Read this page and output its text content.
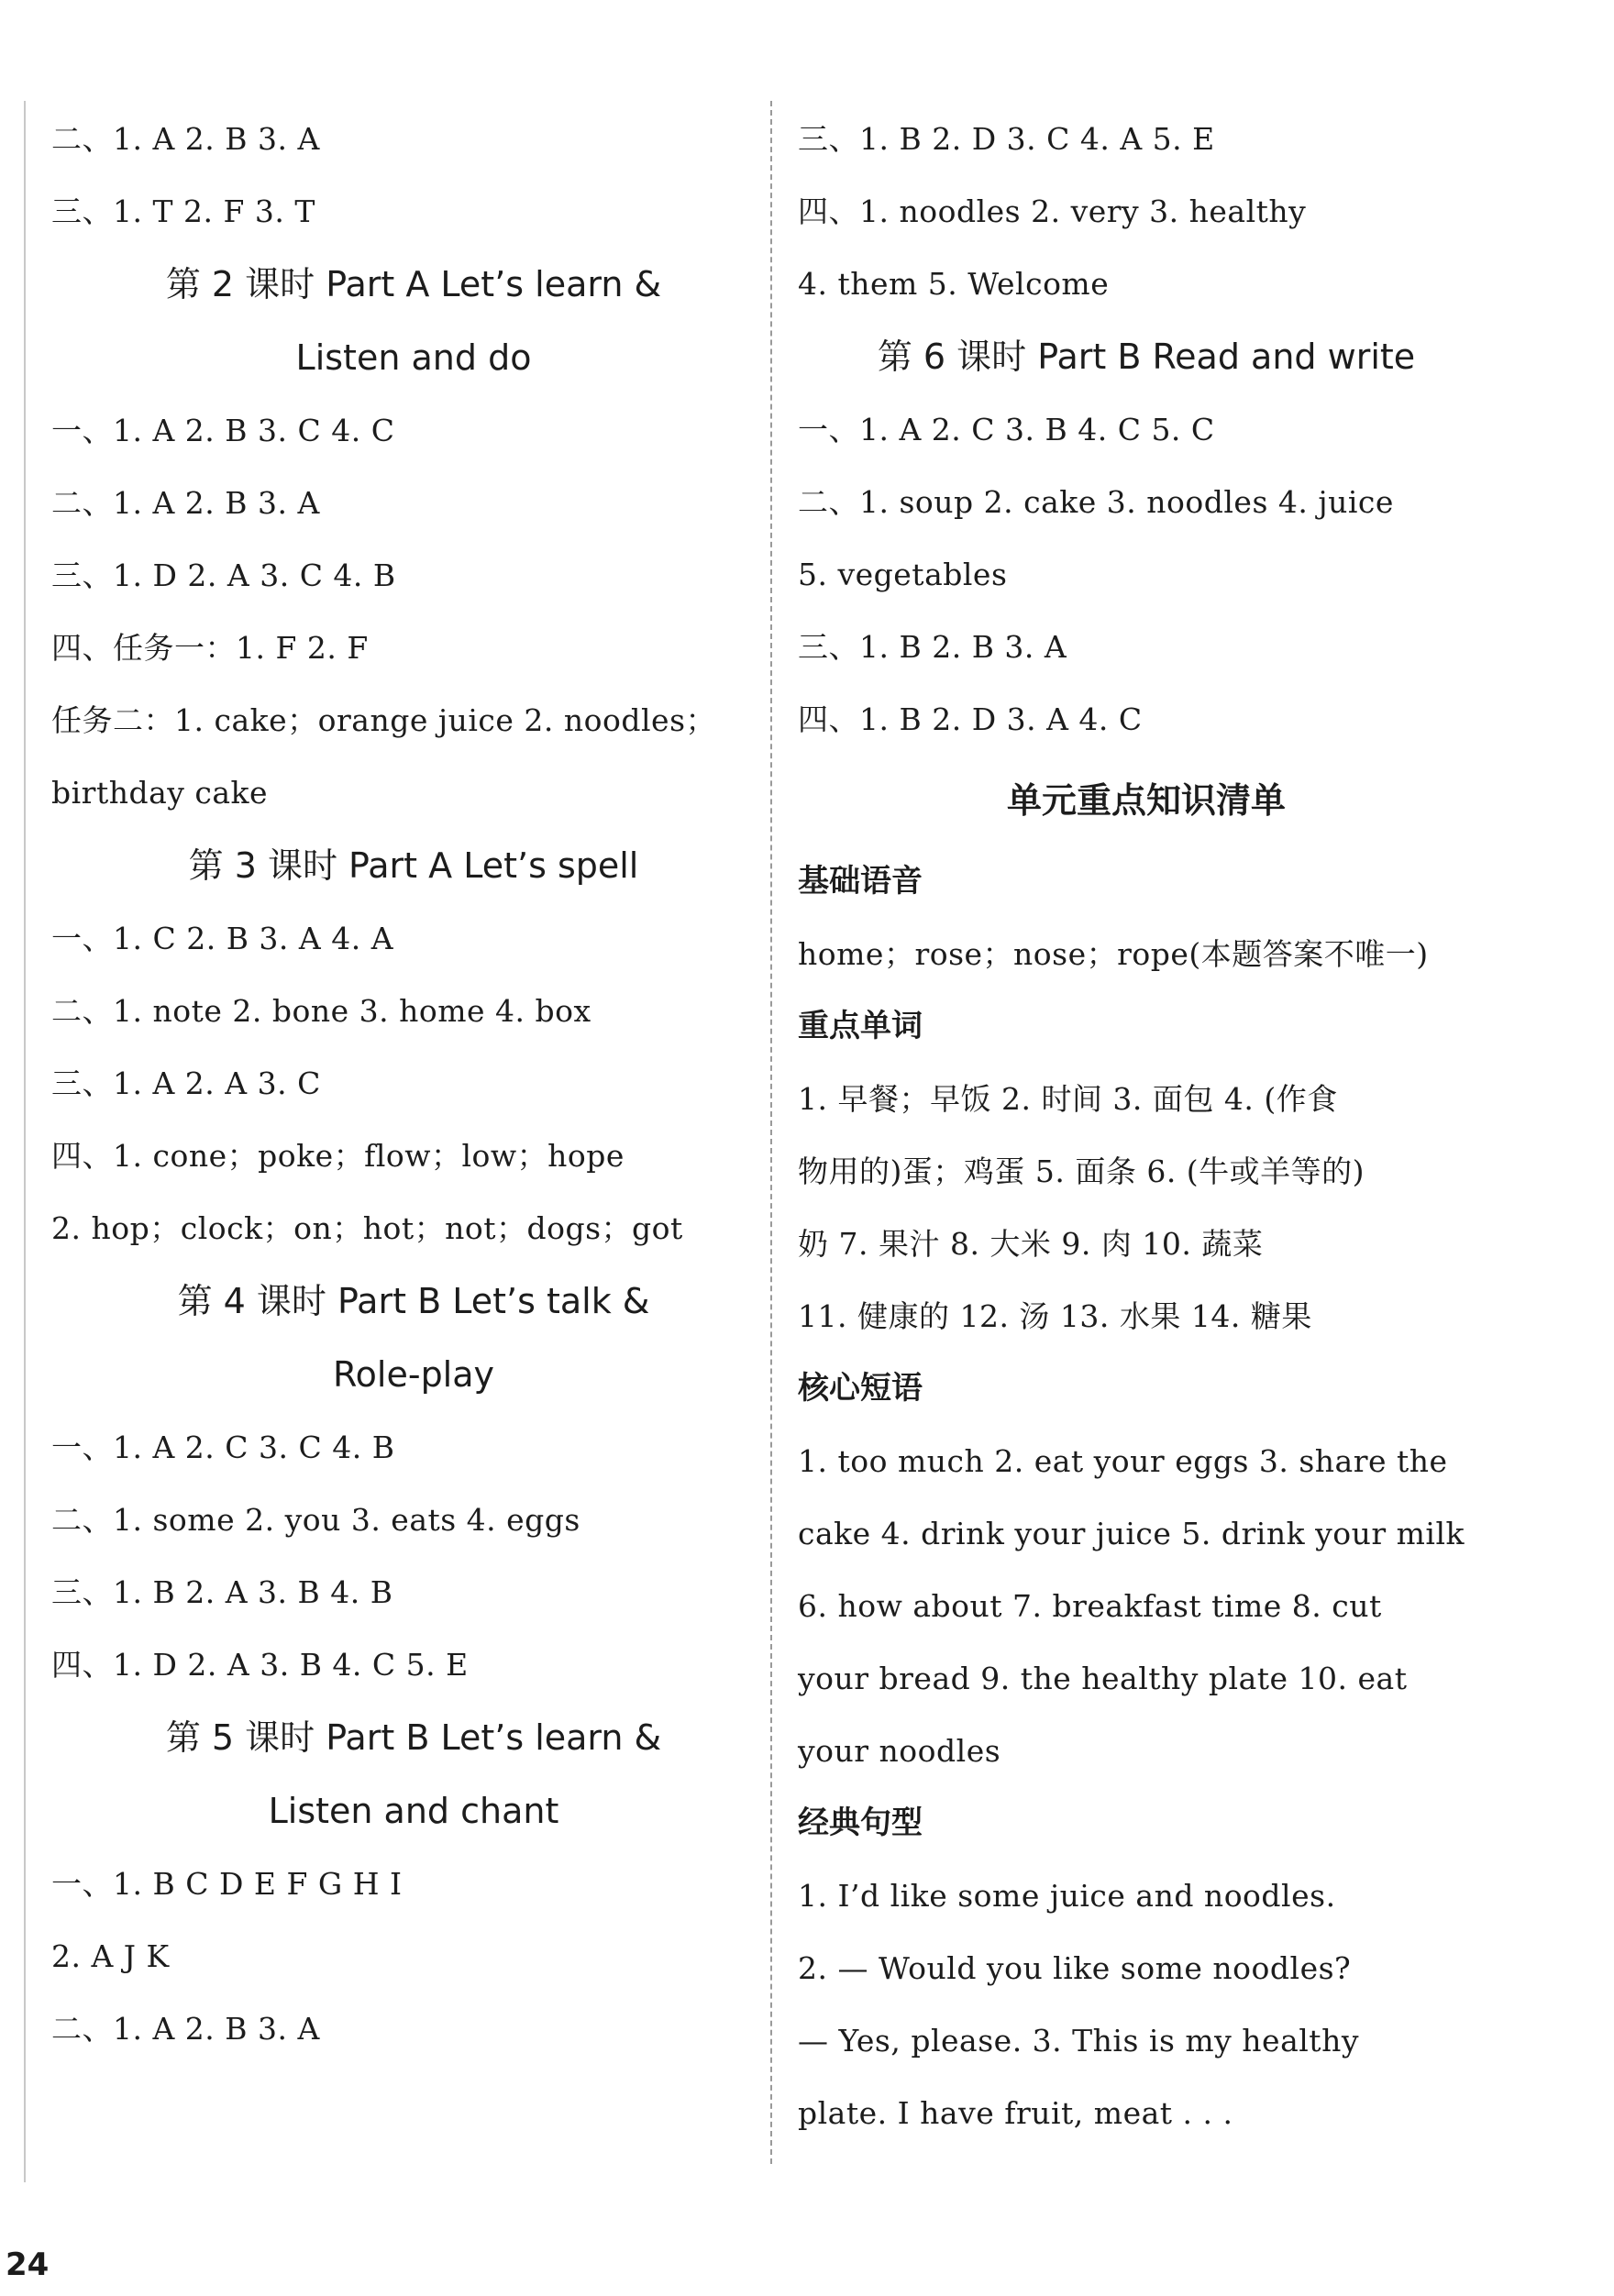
二、1. A 2. B 3. A
三、1. T 2. F 3. T
第 2 课时 Part A Let’s learn &
Listen and do
一、1. A 2. B 3. C 4. C
二、1. A 2. B 3. A
三、1. D 2. A 3. C 4. B
四、任务一：1. F 2. F
任务二：1. cake；orange juice 2. noodles；
birthday cake
第 3 课时 Part A Let’s spell
一、1. C 2. B 3. A 4. A
二、1. note 2. bone 3. home 4. box
三、1. A 2. A 3. C
四、1. cone；poke；flow；low；hope
2. hop；clock；on；hot；not；dogs；got
第 4 课时 Part B Let’s talk &
Role-play
一、1. A 2. C 3. C 4. B
二、1. some 2. you 3. eats 4. eggs
三、1. B 2. A 3. B 4. B
四、1. D 2. A 3. B 4. C 5. E
第 5 课时 Part B Let’s learn &
Listen and chant
一、1. B C D E F G H I
2. A J K
二、1. A 2. B 3. A
三、1. B 2. D 3. C 4. A 5. E
四、1. noodles 2. very 3. healthy
4. them 5. Welcome
第 6 课时 Part B Read and write
一、1. A 2. C 3. B 4. C 5. C
二、1. soup 2. cake 3. noodles 4. juice
5. vegetables
三、1. B 2. B 3. A
四、1. B 2. D 3. A 4. C
单元重点知识清单
基础语音
home；rose；nose；rope(本题答案不唯一)
重点单词
1. 早餐；早饭 2. 时间 3. 面包 4. (作食
物用的)蛋；鸡蛋 5. 面条 6. (牛或羊等的)
奶 7. 果汁 8. 大米 9. 肉 10. 蔬菜
11. 健康的 12. 汤 13. 水果 14. 糖果
核心短语
1. too much 2. eat your eggs 3. share the
cake 4. drink your juice 5. drink your milk
6. how about 7. breakfast time 8. cut
your bread 9. the healthy plate 10. eat
your noodles
经典句型
1. I’d like some juice and noodles.
2. — Would you like some noodles?
— Yes, please. 3. This is my healthy
plate. I have fruit, meat . . .
24
